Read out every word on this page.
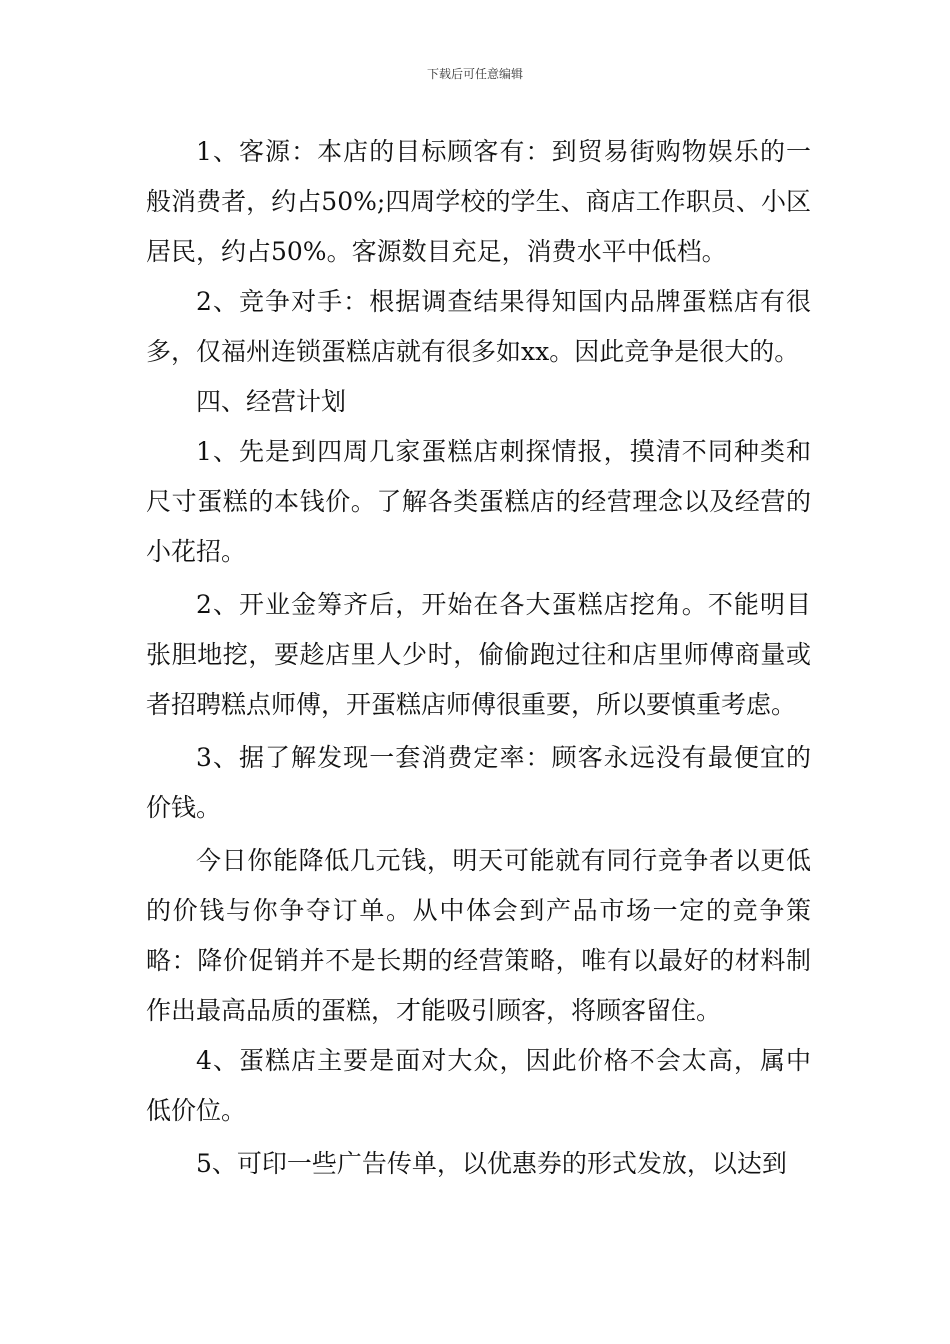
下载后可任意编辑

1、客源：本店的目标顾客有：到贸易街购物娱乐的一般消费者，约占50%;四周学校的学生、商店工作职员、小区居民，约占50%。客源数目充足，消费水平中低档。

2、竞争对手：根据调查结果得知国内品牌蛋糕店有很多，仅福州连锁蛋糕店就有很多如xx。因此竞争是很大的。

四、经营计划

1、先是到四周几家蛋糕店刺探情报，摸清不同种类和尺寸蛋糕的本钱价。了解各类蛋糕店的经营理念以及经营的小花招。

2、开业金筹齐后，开始在各大蛋糕店挖角。不能明目张胆地挖，要趁店里人少时，偷偷跑过往和店里师傅商量或者招聘糕点师傅，开蛋糕店师傅很重要，所以要慎重考虑。

3、据了解发现一套消费定率：顾客永远没有最便宜的价钱。

今日你能降低几元钱，明天可能就有同行竞争者以更低的价钱与你争夺订单。从中体会到产品市场一定的竞争策略：降价促销并不是长期的经营策略，唯有以最好的材料制作出最高品质的蛋糕，才能吸引顾客，将顾客留住。

4、蛋糕店主要是面对大众，因此价格不会太高，属中低价位。

5、可印一些广告传单，以优惠券的形式发放，以达到
